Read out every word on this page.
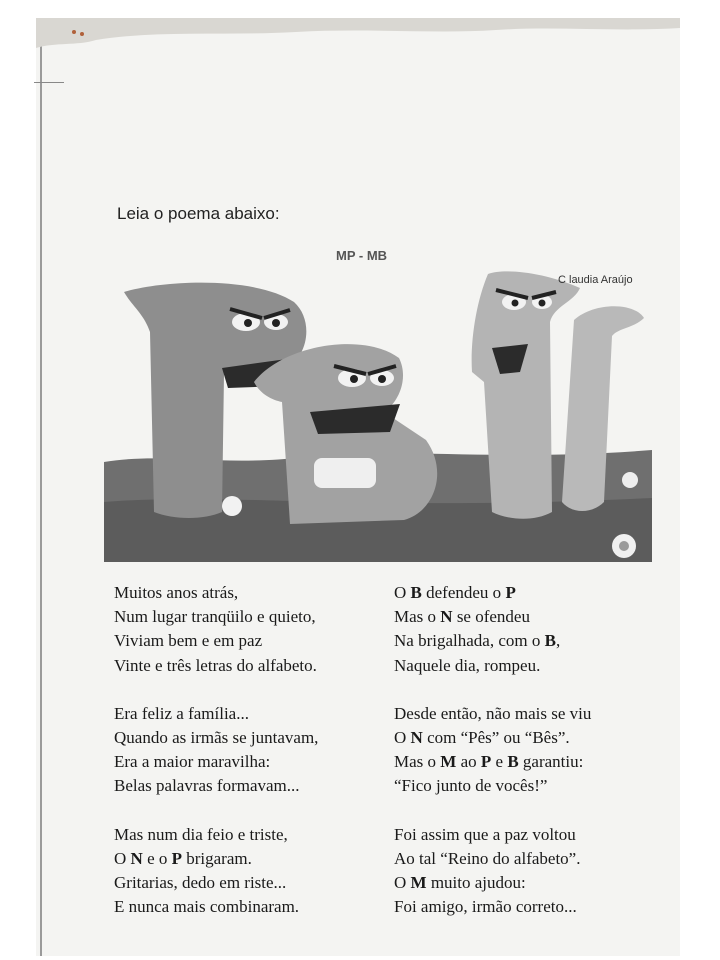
Leia o poema abaixo:
MP - MB
C laudia Araújo
Muitos anos atrás,
Num lugar tranqüilo e quieto,
Viviam bem e em paz
Vinte e três letras do alfabeto.
Era feliz a família...
Quando as irmãs se juntavam,
Era a maior maravilha:
Belas palavras formavam...
Mas num dia feio e triste,
O N e o P brigaram.
Gritarias, dedo em riste...
E nunca mais combinaram.
O B defendeu o P
Mas o N se ofendeu
Na brigalhada, com o B,
Naquele dia, rompeu.
Desde então, não mais se viu
O N com “Pês” ou “Bês”.
Mas o M ao P e B garantiu:
“Fico junto de vocês!”
Foi assim que a paz voltou
Ao tal “Reino do alfabeto”.
O M muito ajudou:
Foi amigo, irmão correto...
